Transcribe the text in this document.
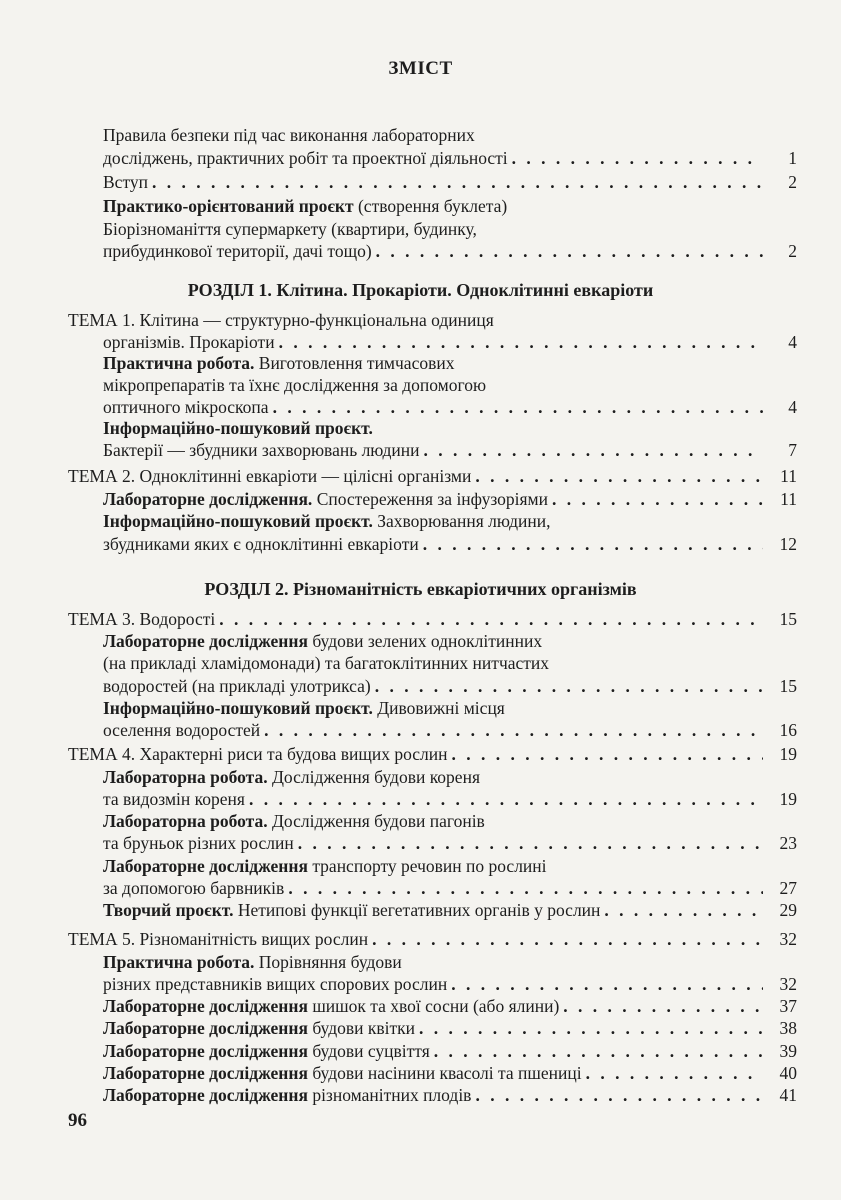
ЗМІСТ
Правила безпеки під час виконання лабораторних
досліджень, практичних робіт та проектної діяльності . . .	1
Вступ . . .	2
Практико-орієнтований проєкт (створення буклета)
Біорізноманіття супермаркету (квартири, будинку,
прибудинкової території, дачі тощо) . . .	2
РОЗДІЛ 1. Клітина. Прокаріоти. Одноклітинні евкаріоти
ТЕМА 1. Клітина — структурно-функціональна одиниця
організмів. Прокаріоти . . .	4
Практична робота. Виготовлення тимчасових
мікропрепаратів та їхнє дослідження за допомогою
оптичного мікроскопа . . .	4
Інформаційно-пошуковий проєкт.
Бактерії — збудники захворювань людини . . .	7
ТЕМА 2. Одноклітинні евкаріоти — цілісні організми . . .	11
Лабораторне дослідження. Спостереження за інфузоріями . . .	11
Інформаційно-пошуковий проєкт. Захворювання людини,
збудниками яких є одноклітинні евкаріоти . . .	12
РОЗДІЛ 2. Різноманітність евкаріотичних організмів
ТЕМА 3. Водорості . . .	15
Лабораторне дослідження будови зелених одноклітинних
(на прикладі хламідомонади) та багатоклітинних нитчастих
водоростей (на прикладі улотрикса) . . .	15
Інформаційно-пошуковий проєкт. Дивовижні місця
оселення водоростей . . .	16
ТЕМА 4. Характерні риси та будова вищих рослин . . .	19
Лабораторна робота. Дослідження будови кореня
та видозмін кореня . . .	19
Лабораторна робота. Дослідження будови пагонів
та бруньок різних рослин . . .	23
Лабораторне дослідження транспорту речовин по рослині
за допомогою барвників . . .	27
Творчий проєкт. Нетипові функції вегетативних органів у рослин . . .	29
ТЕМА 5. Різноманітність вищих рослин . . .	32
Практична робота. Порівняння будови
різних представників вищих спорових рослин . . .	32
Лабораторне дослідження шишок та хвої сосни (або ялини) . . .	37
Лабораторне дослідження будови квітки . . .	38
Лабораторне дослідження будови суцвіття . . .	39
Лабораторне дослідження будови насінини квасолі та пшениці . . .	40
Лабораторне дослідження різноманітних плодів . . .	41
96
